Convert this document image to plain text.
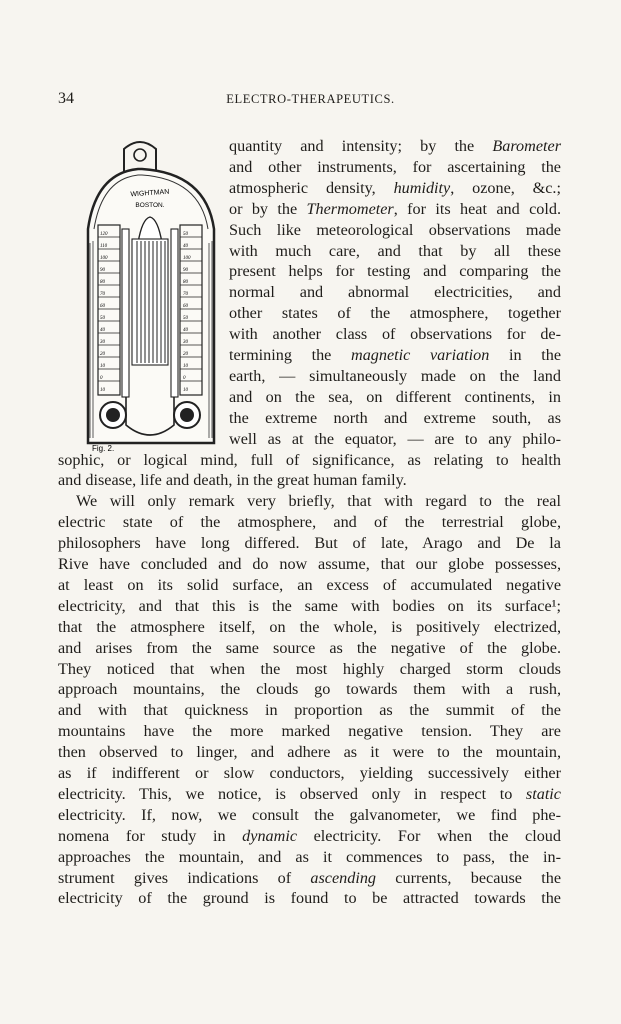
34	ELECTRO-THERAPEUTICS.
WIGHTMAN
BOSTON.
Fig. 2.
120
110
100
90
80
70
60
50
40
30
20
10
0
10
50
40
100
90
80
70
60
50
40
30
20
10
0
10
quantity and intensity; by the Barometer
and other instruments, for ascertaining the
atmospheric density, humidity, ozone, &c.;
or by the Thermometer, for its heat and cold.
Such like meteorological observations made
with much care, and that by all these
present helps for testing and comparing the
normal and abnormal electricities, and
other states of the atmosphere, together
with another class of observations for de-
termining the magnetic variation in the
earth, — simultaneously made on the land
and on the sea, on different continents, in
the extreme north and extreme south, as
well as at the equator, — are to any philo-
sophic, or logical mind, full of significance, as relating to health
and disease, life and death, in the great human family.
We will only remark very briefly, that with regard to the real
electric state of the atmosphere, and of the terrestrial globe,
philosophers have long differed. But of late, Arago and De la
Rive have concluded and do now assume, that our globe possesses,
at least on its solid surface, an excess of accumulated negative
electricity, and that this is the same with bodies on its surface¹;
that the atmosphere itself, on the whole, is positively electrized,
and arises from the same source as the negative of the globe.
They noticed that when the most highly charged storm clouds
approach mountains, the clouds go towards them with a rush,
and with that quickness in proportion as the summit of the
mountains have the more marked negative tension. They are
then observed to linger, and adhere as it were to the mountain,
as if indifferent or slow conductors, yielding successively either
electricity. This, we notice, is observed only in respect to static
electricity. If, now, we consult the galvanometer, we find phe-
nomena for study in dynamic electricity. For when the cloud
approaches the mountain, and as it commences to pass, the in-
strument gives indications of ascending currents, because the
electricity of the ground is found to be attracted towards the
